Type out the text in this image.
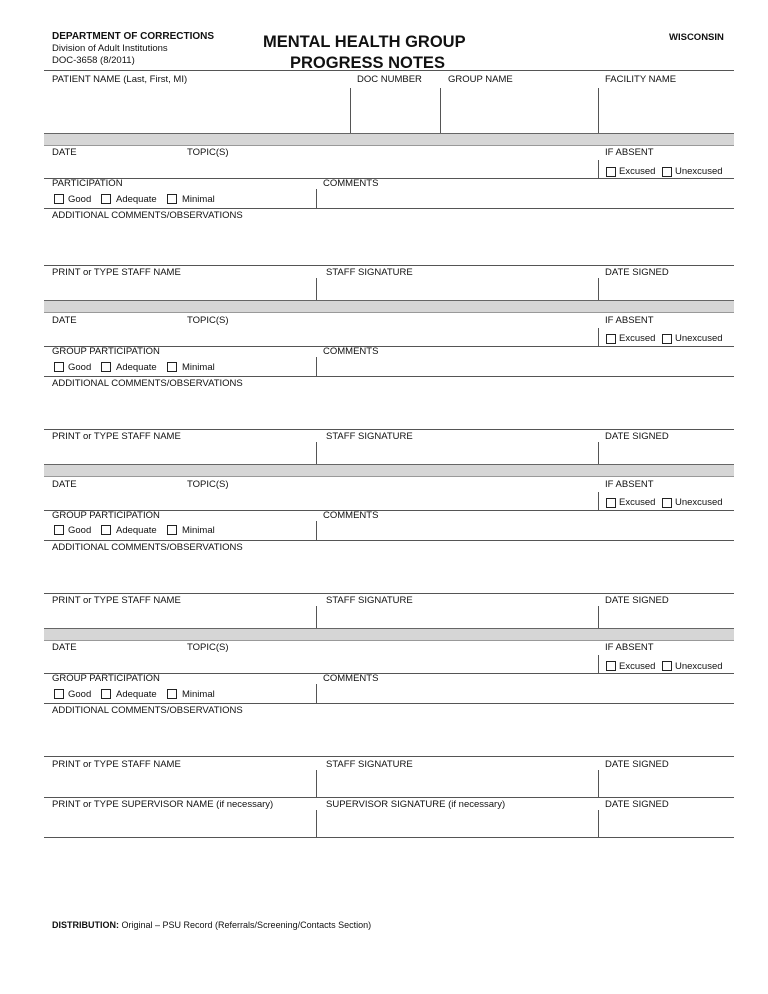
DEPARTMENT OF CORRECTIONS
Division of Adult Institutions
DOC-3658 (8/2011)
MENTAL HEALTH GROUP
PROGRESS NOTES
WISCONSIN
PATIENT NAME (Last, First, MI)	DOC NUMBER	GROUP NAME	FACILITY NAME
DATE	TOPIC(S)	IF ABSENT
Excused Unexcused
PARTICIPATION	COMMENTS
Good	Adequate	Minimal
ADDITIONAL COMMENTS/OBSERVATIONS
PRINT or TYPE STAFF NAME	STAFF SIGNATURE	DATE SIGNED
DATE	TOPIC(S)	IF ABSENT
Excused Unexcused
GROUP PARTICIPATION	COMMENTS
Good	Adequate	Minimal
ADDITIONAL COMMENTS/OBSERVATIONS
PRINT or TYPE STAFF NAME	STAFF SIGNATURE	DATE SIGNED
DATE	TOPIC(S)	IF ABSENT
Excused Unexcused
GROUP PARTICIPATION	COMMENTS
Good	Adequate	Minimal
ADDITIONAL COMMENTS/OBSERVATIONS
PRINT or TYPE STAFF NAME	STAFF SIGNATURE	DATE SIGNED
DATE	TOPIC(S)	IF ABSENT
Excused Unexcused
GROUP PARTICIPATION	COMMENTS
Good	Adequate	Minimal
ADDITIONAL COMMENTS/OBSERVATIONS
PRINT or TYPE STAFF NAME	STAFF SIGNATURE	DATE SIGNED
PRINT or TYPE SUPERVISOR NAME (if necessary)	SUPERVISOR SIGNATURE (if necessary)	DATE SIGNED
DISTRIBUTION: Original – PSU Record (Referrals/Screening/Contacts Section)
